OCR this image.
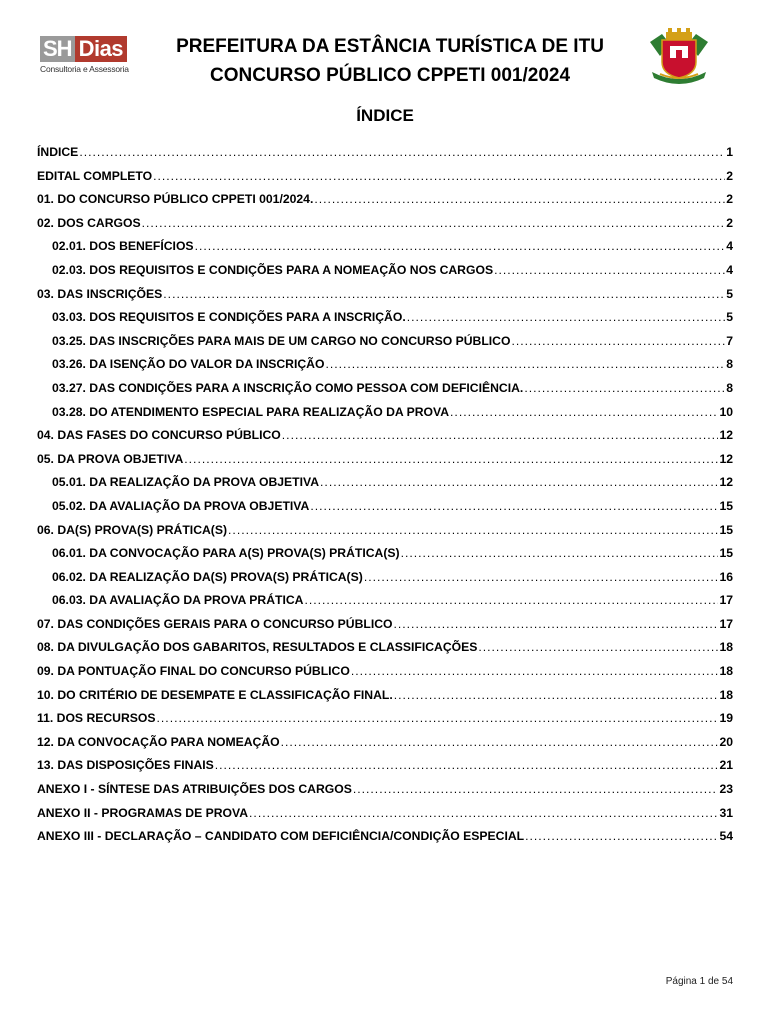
SH Dias
Consultoria e Assessoria
PREFEITURA DA ESTÂNCIA TURÍSTICA DE ITU
CONCURSO PÚBLICO CPPETI 001/2024
ÍNDICE
ÍNDICE .....	1
EDITAL COMPLETO .....	2
01. DO CONCURSO PÚBLICO CPPETI 001/2024. .....	2
02. DOS CARGOS .....	2
02.01. DOS BENEFÍCIOS .....	4
02.03. DOS REQUISITOS E CONDIÇÕES PARA A NOMEAÇÃO NOS CARGOS .....	4
03. DAS INSCRIÇÕES .....	5
03.03. DOS REQUISITOS E CONDIÇÕES PARA A INSCRIÇÃO. .....	5
03.25. DAS INSCRIÇÕES PARA MAIS DE UM CARGO NO CONCURSO PÚBLICO .....	7
03.26. DA ISENÇÃO DO VALOR DA INSCRIÇÃO .....	8
03.27. DAS CONDIÇÕES PARA A INSCRIÇÃO COMO PESSOA COM DEFICIÊNCIA. .....	8
03.28. DO ATENDIMENTO ESPECIAL PARA REALIZAÇÃO DA PROVA .....	10
04. DAS FASES DO CONCURSO PÚBLICO .....	12
05. DA PROVA OBJETIVA .....	12
05.01. DA REALIZAÇÃO DA PROVA OBJETIVA .....	12
05.02. DA AVALIAÇÃO DA PROVA OBJETIVA .....	15
06. DA(S) PROVA(S) PRÁTICA(S) .....	15
06.01. DA CONVOCAÇÃO PARA A(S) PROVA(S) PRÁTICA(S) .....	15
06.02. DA REALIZAÇÃO DA(S) PROVA(S) PRÁTICA(S) .....	16
06.03. DA AVALIAÇÃO DA PROVA PRÁTICA .....	17
07. DAS CONDIÇÕES GERAIS PARA O CONCURSO PÚBLICO .....	17
08. DA DIVULGAÇÃO DOS GABARITOS, RESULTADOS E CLASSIFICAÇÕES .....	18
09. DA PONTUAÇÃO FINAL DO CONCURSO PÚBLICO .....	18
10. DO CRITÉRIO DE DESEMPATE E CLASSIFICAÇÃO FINAL. .....	18
11. DOS RECURSOS .....	19
12. DA CONVOCAÇÃO PARA NOMEAÇÃO .....	20
13. DAS DISPOSIÇÕES FINAIS .....	21
ANEXO I - SÍNTESE DAS ATRIBUIÇÕES DOS CARGOS .....	23
ANEXO II - PROGRAMAS DE PROVA .....	31
ANEXO III - DECLARAÇÃO – CANDIDATO COM DEFICIÊNCIA/CONDIÇÃO ESPECIAL .....	54
Página 1 de 54
